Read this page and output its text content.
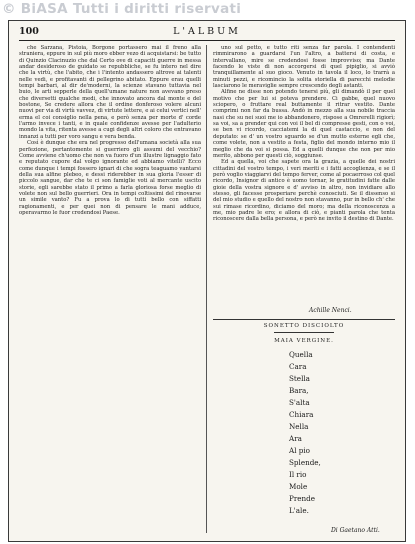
© BiASA Tutti i diritti riservati
100	L'ALBUM

che Sarzana, Pistoia, Borgone portassero mai il freno alla straniera, eppure in sul più moro ebber vezo di acquistarsi: be tutto di Quinzio Clacinuzio che dal Certo ove di capaciti guerre in messa andar desideroso de guidato se repubbliche, se fu intero nel dire che la virtù, che l'abito, che i l'intento andassero altrove ai talenti nelle vedi, e profitavanti di pellegrino abitato. Eppure erau quelli tempi barbari, al dir de'moderni, la scienze stavano tuttavia nel buio, le arti sepperle della quell'umane nature non avevano preso che diversetti qualche medi, che innovato ancora dal monte e del bostone, Se credere allora che il ordine donferoso volere alcuni nuovi per via di virtù vavvez, di virtute lettere, e ai celui vertici nell' erma el coi consiglio nella pena, e però senza per morte d' corde l'armo invece i tanti, e in quale confidenze avesse per l'adulterio mondo la vita, ritenta avesse a cugi degli altri coloro che entravano innanzi a tutti per voro sangu e vera benda.

Così è dunque che era nel progresso dell'umana società alla sua perfezione, pertantomente si guerriero gli assumi del vecchio? Come avviene ch'uomo che non va fuoro d'un illustre lignaggio fato e reputato cupore dal volgo ignorante ed abbiamo vitelli? Ecco come dunque i tempi fossero ignari di che sogra teaguamo vantarsi della sua alfine plebeo, e dessi riderebber in sua gloria l'esser di piccolo sangue, dar che te ci son famiglie voti al mercante uscito storie, egli sarebbe stato il primo a farla gloriosa forse meglio di volete non sul bello guerrieri. Ora in tempi coltissimi del rinovarse un simile vanto? Fu a prova lo di tutti bello con siffatti ragionamenti, e per quei non di pensare le mani adduce, operavarmo le fuor credendosi Paese.

uno sul petto, e tutto riti senza far parola. I contendenti rimmirarono a guardarsi l'un l'altro, a battersi di costa, e intervallano, mire se credendosi fosse improvviso; ma Dante facendo le viste di non accorgersi di quel pipiglio, si avviò tranquillamente al suo gioco. Venuto in tavola il loco, lo trarrà a minuti pezzi, e ricomincio la solita storiella di parecchi melodie lasciarono le meraviglie sempre crescendo degli astanti.

Alfine ne disse non potendo tenersi più, gli dimandò il per quel motivo che per lui si poteva prendere. Ci gabbe, quel nuovo sciopero, o fruttare real buttamente il ritrar vestito. Dante comprimi non far da bussa. Andò in mezzo alla sua nobile traccia nasi che su nei suoi me io abbandonero, rispose a Omrerelli rigiorì; sa voi, sa a prender qui con voi il bel di compresse gesti, con o voi, se ben vi ricordo, cacciatemi la di quel castaccio, e non del deputato: se d' un vostro sguardo se d'un mutto esterne egli che, come volete, non a vestito a festa, figlio del mondo interno mio il meglio che da voi si possa. Ed a quelli dunque che non per mio merito, abbono per questi ciò, soggiunse.

Ed a quella, voi che sapete ora la grazia, a quelle dei nostri cittadini del vostro tempo, i veri meriti e i fatti accoglienza, e se il però voglio viaggiarvi del tempo ferver, come al pocaerroso col quel ricordo, Insignor di antico è uomo tornar, le gratitudini fatte dalle gioie della vostra signore e d' avviso in altro, non invidiare allo stesso, gli facesse prosperiare perchè conosciuti. Se il dissenso si del mio studio e quello del nostro non stavanno, pur in bello ch' che sui rimase ricordino, diciamo del moro; ma della riconoscenza a me, mio padre le ero; e allora di ciò, e pianti parola che tenta riconoscere dalla bella persona, e però ne invito il destino di Dante.

Achille Nenci.
SONETTO DISCIOLTO
MAIA VERGINE.
Quella
Cara
Stella
Bara,
S'alta
Chiara
Nella
Ara
Al pio
Splende,
Il rio
Mole
Prende
L'ale.
Di Gaetano Atti.
